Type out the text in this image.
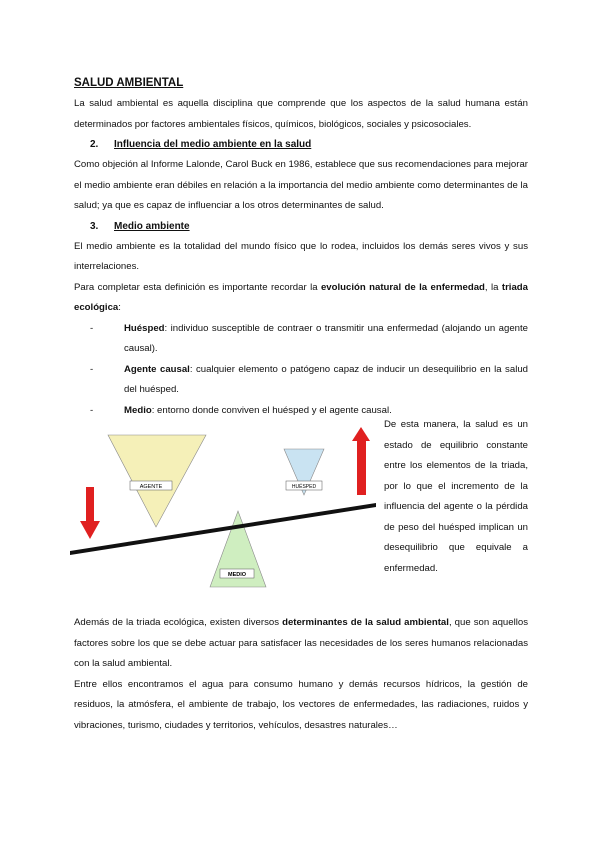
SALUD AMBIENTAL

La salud ambiental es aquella disciplina que comprende que los aspectos de la salud humana están determinados por factores ambientales físicos, químicos, biológicos, sociales y psicosociales.

2.	Influencia del medio ambiente en la salud

Como objeción al Informe Lalonde, Carol Buck en 1986, establece que sus recomendaciones para mejorar el medio ambiente eran débiles en relación a la importancia del medio ambiente como determinantes de la salud; ya que es capaz de influenciar a los otros determinantes de salud.

3.	Medio ambiente

El medio ambiente es la totalidad del mundo físico que lo rodea, incluidos los demás seres vivos y sus interrelaciones.

Para completar esta definición es importante recordar la evolución natural de la enfermedad, la triada ecológica:

-	Huésped: individuo susceptible de contraer o transmitir una enfermedad (alojando un agente causal).
-	Agente causal: cualquier elemento o patógeno capaz de inducir un desequilibrio en la salud del huésped.
-	Medio: entorno donde conviven el huésped y el agente causal.
AGENTE	HUÉSPED
MEDIO
De esta manera, la salud es un estado de equilibrio constante entre los elementos de la triada, por lo que el incremento de la influencia del agente o la pérdida de peso del huésped implican un desequilibrio que equivale a enfermedad.

Además de la triada ecológica, existen diversos determinantes de la salud ambiental, que son aquellos factores sobre los que se debe actuar para satisfacer las necesidades de los seres humanos relacionadas con la salud ambiental.

Entre ellos encontramos el agua para consumo humano y demás recursos hídricos, la gestión de residuos, la atmósfera, el ambiente de trabajo, los vectores de enfermedades, las radiaciones, ruidos y vibraciones, turismo, ciudades y territorios, vehículos, desastres naturales…
